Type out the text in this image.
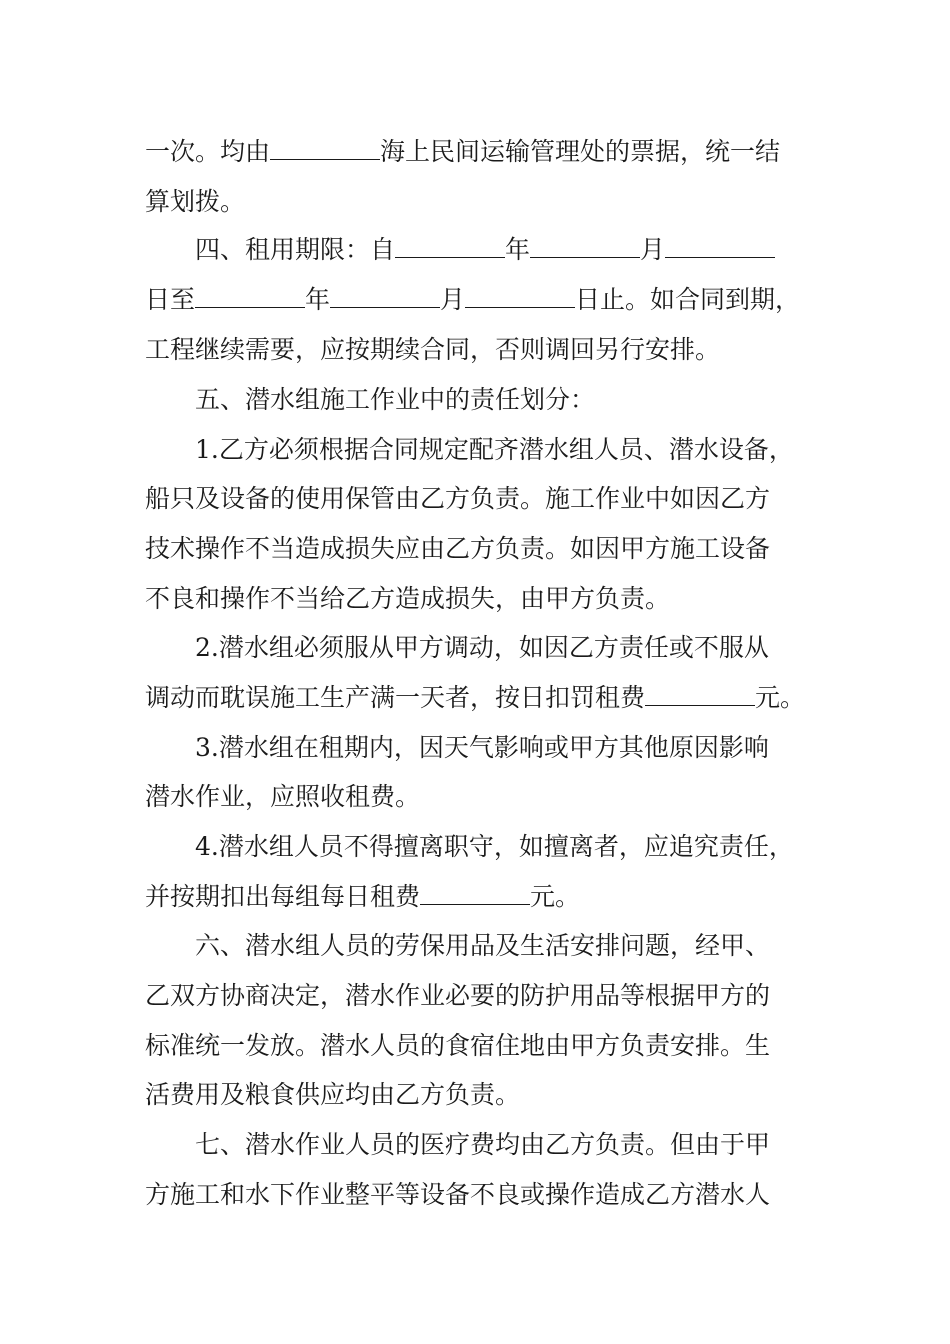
一次。均由	海上民间运输管理处的票据，统一结
算划拨。
四、租用期限：自	年	月
日至	年	月	日止。如合同到期，
工程继续需要，应按期续合同，否则调回另行安排。
五、潜水组施工作业中的责任划分：
1.乙方必须根据合同规定配齐潜水组人员、潜水设备，
船只及设备的使用保管由乙方负责。施工作业中如因乙方
技术操作不当造成损失应由乙方负责。如因甲方施工设备
不良和操作不当给乙方造成损失，由甲方负责。
2.潜水组必须服从甲方调动，如因乙方责任或不服从
调动而耽误施工生产满一天者，按日扣罚租费	元。
3.潜水组在租期内，因天气影响或甲方其他原因影响
潜水作业，应照收租费。
4.潜水组人员不得擅离职守，如擅离者，应追究责任，
并按期扣出每组每日租费	元。
六、潜水组人员的劳保用品及生活安排问题，经甲、
乙双方协商决定，潜水作业必要的防护用品等根据甲方的
标准统一发放。潜水人员的食宿住地由甲方负责安排。生
活费用及粮食供应均由乙方负责。
七、潜水作业人员的医疗费均由乙方负责。但由于甲
方施工和水下作业整平等设备不良或操作造成乙方潜水人
